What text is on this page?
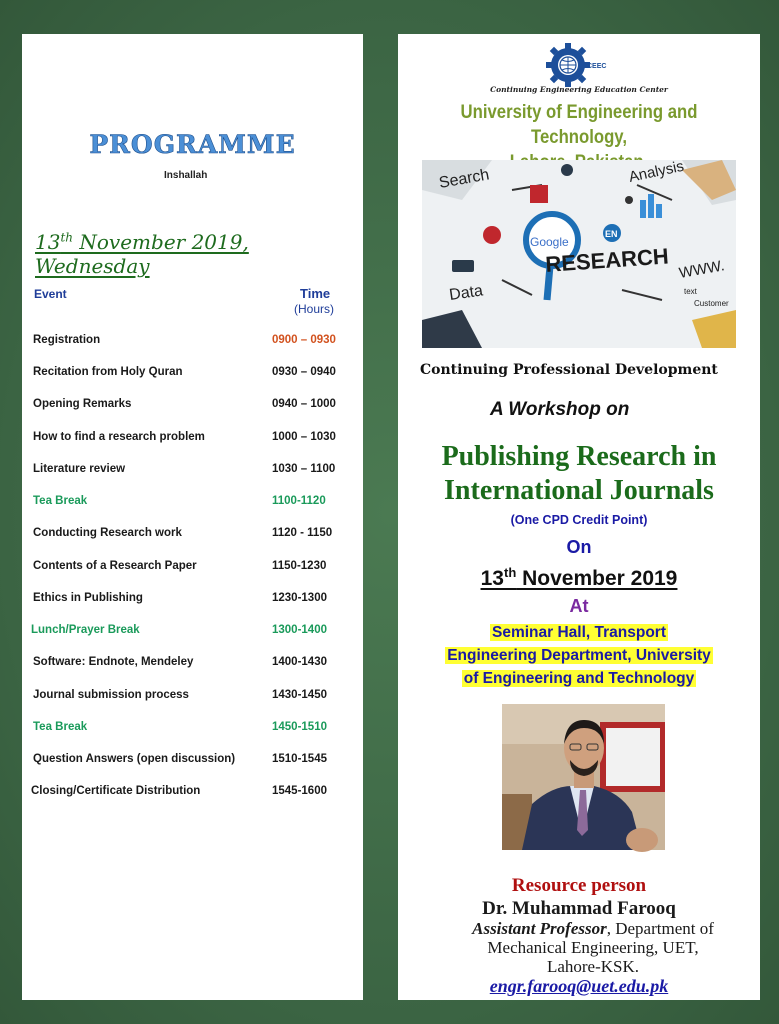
PROGRAMME
Inshallah
13th November 2019, Wednesday
Event	Time
(Hours)
Registration	0900 – 0930
Recitation from Holy Quran	0930 – 0940
Opening Remarks	0940 – 1000
How to find a research problem	1000 – 1030
Literature review	1030 – 1100
Tea Break	1100-1120
Conducting Research work	1120 - 1150
Contents of a Research Paper	1150-1230
Ethics in Publishing	1230-1300
Lunch/Prayer Break	1300-1400
Software: Endnote, Mendeley	1400-1430
Journal submission process	1430-1450
Tea Break	1450-1510
Question Answers (open discussion)	1510-1545
Closing/Certificate Distribution	1545-1600
CEEC
Continuing Engineering Education Center
University of Engineering and Technology,
Search	Analysis
Google
RESEARCH
EN
WWW.
Data	text
Customer
Continuing Professional Development
A Workshop on
Publishing Research in
International Journals
(One CPD Credit Point)
On
13th November 2019
At
Seminar Hall, Transport
Engineering Department, University
of Engineering and Technology
Resource person
Dr. Muhammad Farooq
Assistant Professor, Department of
Mechanical Engineering, UET,
Lahore-KSK.
engr.farooq@uet.edu.pk
